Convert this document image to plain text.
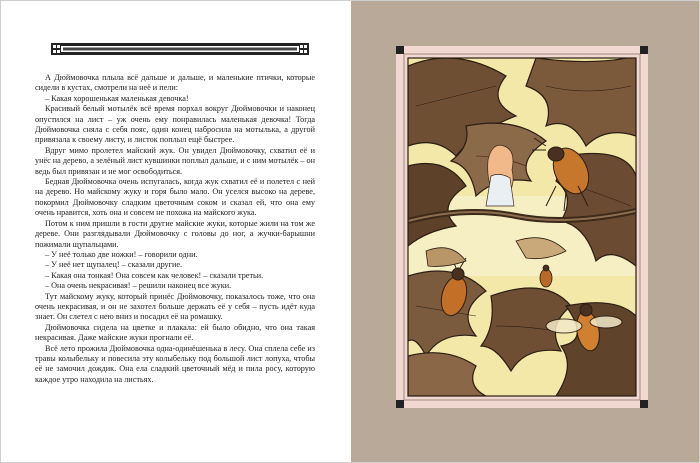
А Дюймовочка плыла всё дальше и дальше, и маленькие птички, которые сидели в кустах, смотрели на неё и пели:

– Какая хорошенькая маленькая девочка!

Красивый белый мотылёк всё время порхал вокруг Дюймовочки и наконец опустился на лист – уж очень ему понравилась маленькая девочка! Тогда Дюймовочка сняла с себя пояс, один конец набросила на мотылька, а другой привязала к своему листу, и листок поплыл ещё быстрее.

Вдруг мимо пролетел майский жук. Он увидел Дюймовочку, схватил её и унёс на дерево, а зелёный лист кувшинки поплыл дальше, и с ним мотылёк – он ведь был привязан и не мог освободиться.

Бедная Дюймовочка очень испугалась, когда жук схватил её и полетел с ней на дерево. Но майскому жуку и горя было мало. Он уселся высоко на дереве, покормил Дюймовочку сладким цветочным соком и сказал ей, что она ему очень нравится, хоть она и совсем не похожа на майского жука.

Потом к ним пришли в гости другие майские жуки, которые жили на том же дереве. Они разглядывали Дюймовочку с головы до ног, а жучки-барышни пожимали щупальцами.

– У неё только две ножки! – говорили одни.

– У неё нет щупалец! – сказали другие.

– Какая она тонкая! Она совсем как человек! – сказали третьи.

– Она очень некрасивая! – решили наконец все жуки.

Тут майскому жуку, который принёс Дюймовочку, показалось тоже, что она очень некрасивая, и он не захотел больше держать её у себя – пусть идёт куда знает. Он слетел с нею вниз и посадил её на ромашку.

Дюймовочка сидела на цветке и плакала: ей было обидно, что она такая некрасивая. Даже майские жуки прогнали её.

Всё лето прожила Дюймовочка одна-одинёшенька в лесу. Она сплела себе из травы колыбельку и повесила эту колыбельку под большой лист лопуха, чтобы её не замочил дождик. Она ела сладкий цветочный мёд и пила росу, которую каждое утро находила на листьях.
